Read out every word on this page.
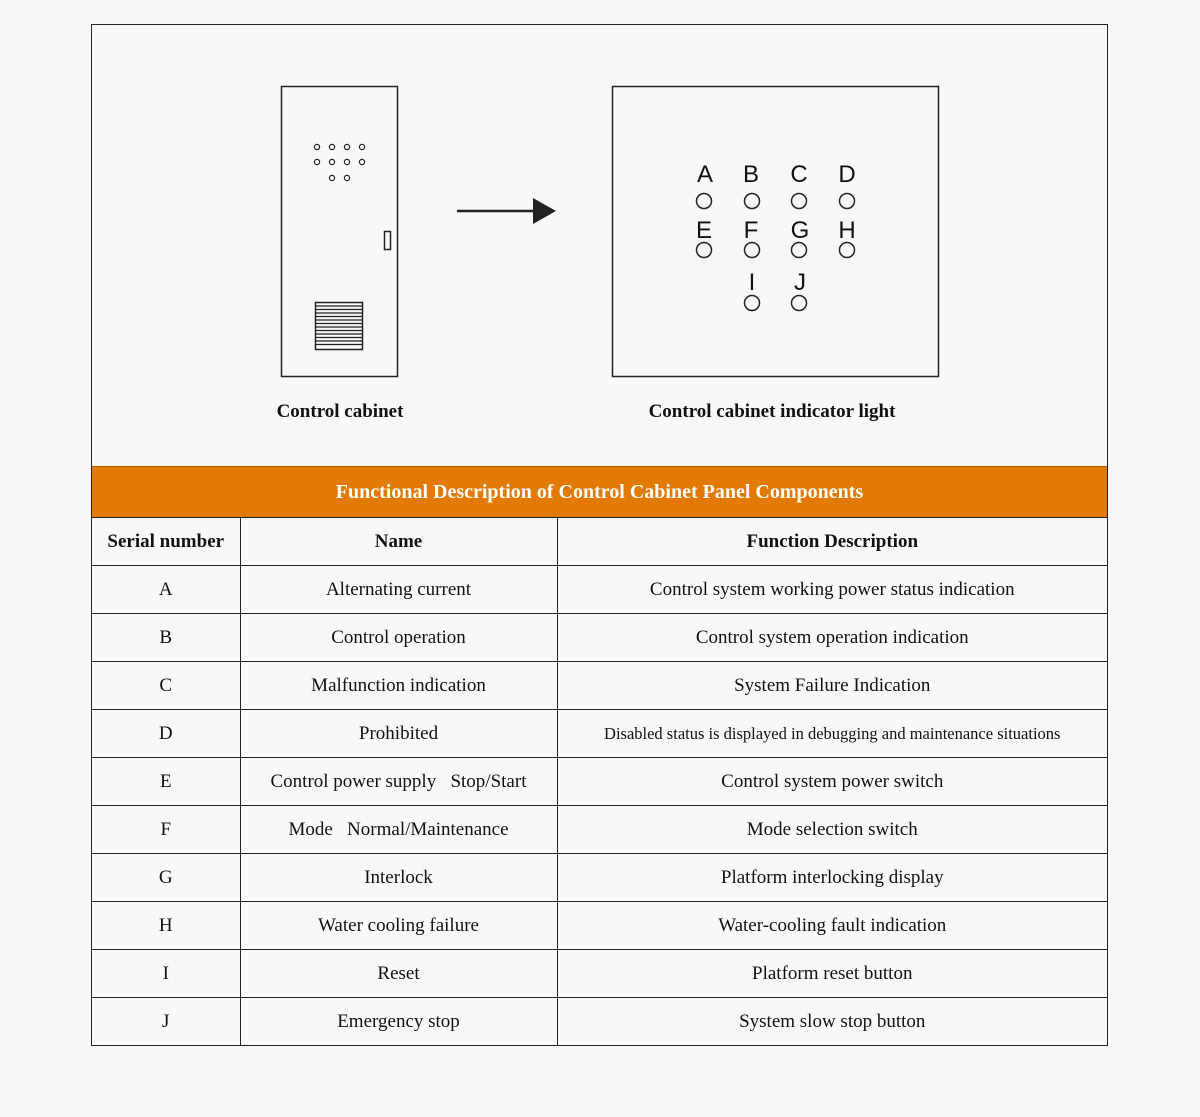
A B C D
E F G H
I J
Control cabinet	Control cabinet indicator light
Functional Description of Control Cabinet Panel Components
Serial number	Name	Function Description
A	Alternating current	Control system working power status indication
B	Control operation	Control system operation indication
C	Malfunction indication	System Failure Indication
D	Prohibited	Disabled status is displayed in debugging and maintenance situations
E	Control power supply   Stop/Start	Control system power switch
F	Mode   Normal/Maintenance	Mode selection switch
G	Interlock	Platform interlocking display
H	Water cooling failure	Water-cooling fault indication
I	Reset	Platform reset button
J	Emergency stop	System slow stop button
